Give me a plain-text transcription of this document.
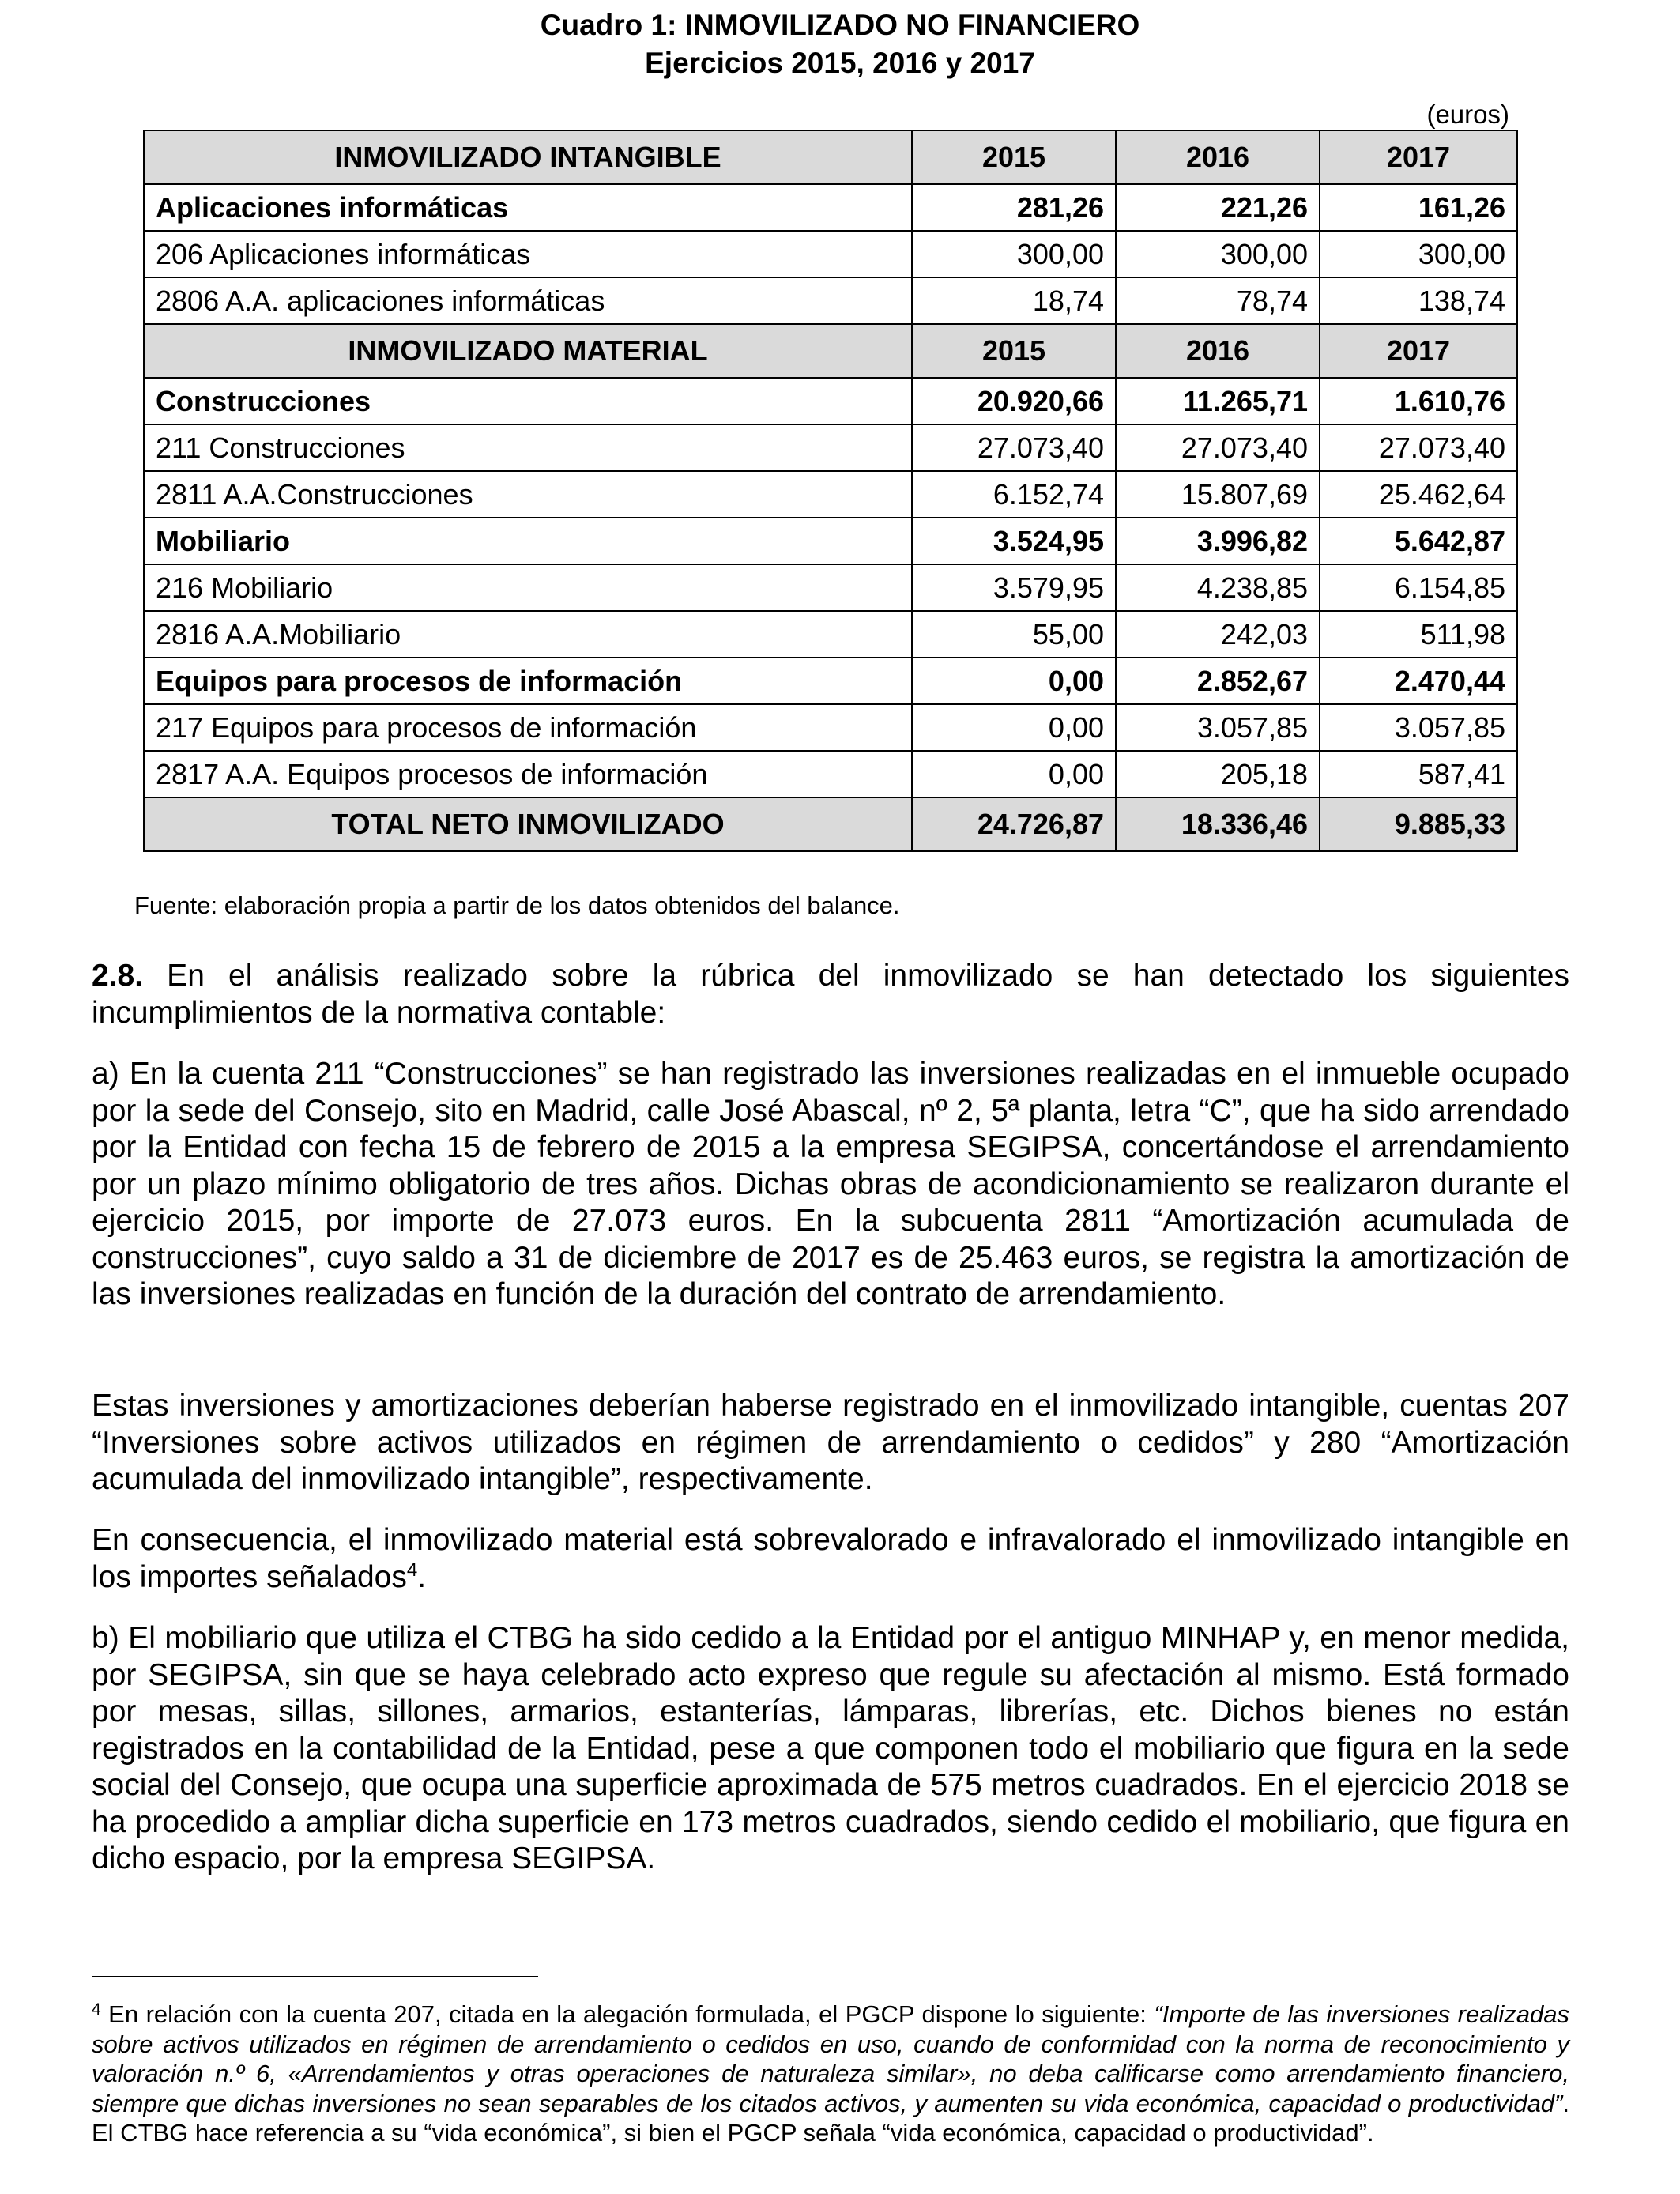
Cuadro 1: INMOVILIZADO NO FINANCIERO
Ejercicios 2015, 2016 y 2017
(euros)
INMOVILIZADO INTANGIBLE	2015	2016	2017
Aplicaciones informáticas	281,26	221,26	161,26
206 Aplicaciones informáticas	300,00	300,00	300,00
2806 A.A. aplicaciones informáticas	18,74	78,74	138,74
INMOVILIZADO MATERIAL	2015	2016	2017
Construcciones	20.920,66	11.265,71	1.610,76
211 Construcciones	27.073,40	27.073,40	27.073,40
2811 A.A.Construcciones	6.152,74	15.807,69	25.462,64
Mobiliario	3.524,95	3.996,82	5.642,87
216 Mobiliario	3.579,95	4.238,85	6.154,85
2816 A.A.Mobiliario	55,00	242,03	511,98
Equipos para procesos de información	0,00	2.852,67	2.470,44
217 Equipos para procesos de información	0,00	3.057,85	3.057,85
2817 A.A. Equipos procesos de información	0,00	205,18	587,41
TOTAL NETO INMOVILIZADO	24.726,87	18.336,46	9.885,33
Fuente: elaboración propia a partir de los datos obtenidos del balance.
2.8. En el análisis realizado sobre la rúbrica del inmovilizado se han detectado los siguientes incumplimientos de la normativa contable:
a) En la cuenta 211 “Construcciones” se han registrado las inversiones realizadas en el inmueble ocupado por la sede del Consejo, sito en Madrid, calle José Abascal, nº 2, 5ª planta, letra “C”, que ha sido arrendado por la Entidad con fecha 15 de febrero de 2015 a la empresa SEGIPSA, concertándose el arrendamiento por un plazo mínimo obligatorio de tres años. Dichas obras de acondicionamiento se realizaron durante el ejercicio 2015, por importe de 27.073 euros. En la subcuenta 2811 “Amortización acumulada de construcciones”, cuyo saldo a 31 de diciembre de 2017 es de 25.463 euros, se registra la amortización de las inversiones realizadas en función de la duración del contrato de arrendamiento.
Estas inversiones y amortizaciones deberían haberse registrado en el inmovilizado intangible, cuentas 207 “Inversiones sobre activos utilizados en régimen de arrendamiento o cedidos” y 280 “Amortización acumulada del inmovilizado intangible”, respectivamente.
En consecuencia, el inmovilizado material está sobrevalorado e infravalorado el inmovilizado intangible en los importes señalados$^4$.
b) El mobiliario que utiliza el CTBG ha sido cedido a la Entidad por el antiguo MINHAP y, en menor medida, por SEGIPSA, sin que se haya celebrado acto expreso que regule su afectación al mismo. Está formado por mesas, sillas, sillones, armarios, estanterías, lámparas, librerías, etc. Dichos bienes no están registrados en la contabilidad de la Entidad, pese a que componen todo el mobiliario que figura en la sede social del Consejo, que ocupa una superficie aproximada de 575 metros cuadrados. En el ejercicio 2018 se ha procedido a ampliar dicha superficie en 173 metros cuadrados, siendo cedido el mobiliario, que figura en dicho espacio, por la empresa SEGIPSA.
$^4$ En relación con la cuenta 207, citada en la alegación formulada, el PGCP dispone lo siguiente: “Importe de las inversiones realizadas sobre activos utilizados en régimen de arrendamiento o cedidos en uso, cuando de conformidad con la norma de reconocimiento y valoración n.º 6, «Arrendamientos y otras operaciones de naturaleza similar», no deba calificarse como arrendamiento financiero, siempre que dichas inversiones no sean separables de los citados activos, y aumenten su vida económica, capacidad o productividad”. El CTBG hace referencia a su “vida económica”, si bien el PGCP señala “vida económica, capacidad o productividad”.
